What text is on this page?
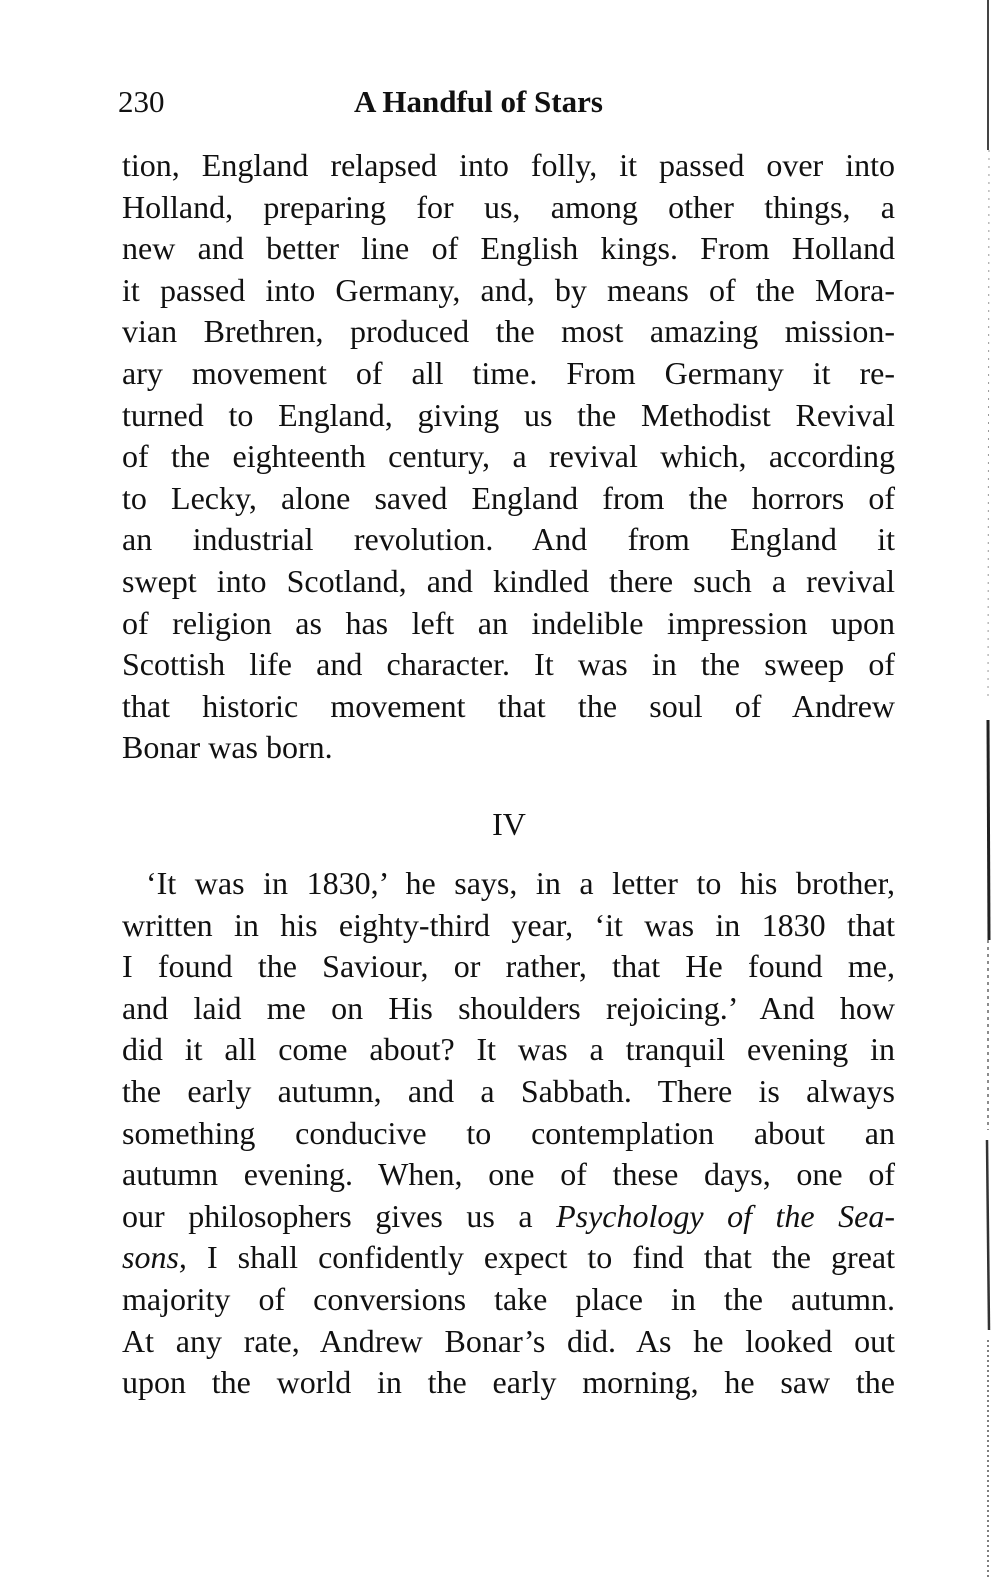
230	A Handful of Stars
tion, England relapsed into folly, it passed over into
Holland, preparing for us, among other things, a
new and better line of English kings. From Holland
it passed into Germany, and, by means of the Mora-
vian Brethren, produced the most amazing mission-
ary movement of all time. From Germany it re-
turned to England, giving us the Methodist Revival
of the eighteenth century, a revival which, according
to Lecky, alone saved England from the horrors of
an industrial revolution. And from England it
swept into Scotland, and kindled there such a revival
of religion as has left an indelible impression upon
Scottish life and character. It was in the sweep of
that historic movement that the soul of Andrew
Bonar was born.
IV
‘It was in 1830,’ he says, in a letter to his brother,
written in his eighty-third year, ‘it was in 1830 that
I found the Saviour, or rather, that He found me,
and laid me on His shoulders rejoicing.’ And how
did it all come about? It was a tranquil evening in
the early autumn, and a Sabbath. There is always
something conducive to contemplation about an
autumn evening. When, one of these days, one of
our philosophers gives us a Psychology of the Sea-
sons, I shall confidently expect to find that the great
majority of conversions take place in the autumn.
At any rate, Andrew Bonar’s did. As he looked out
upon the world in the early morning, he saw the
